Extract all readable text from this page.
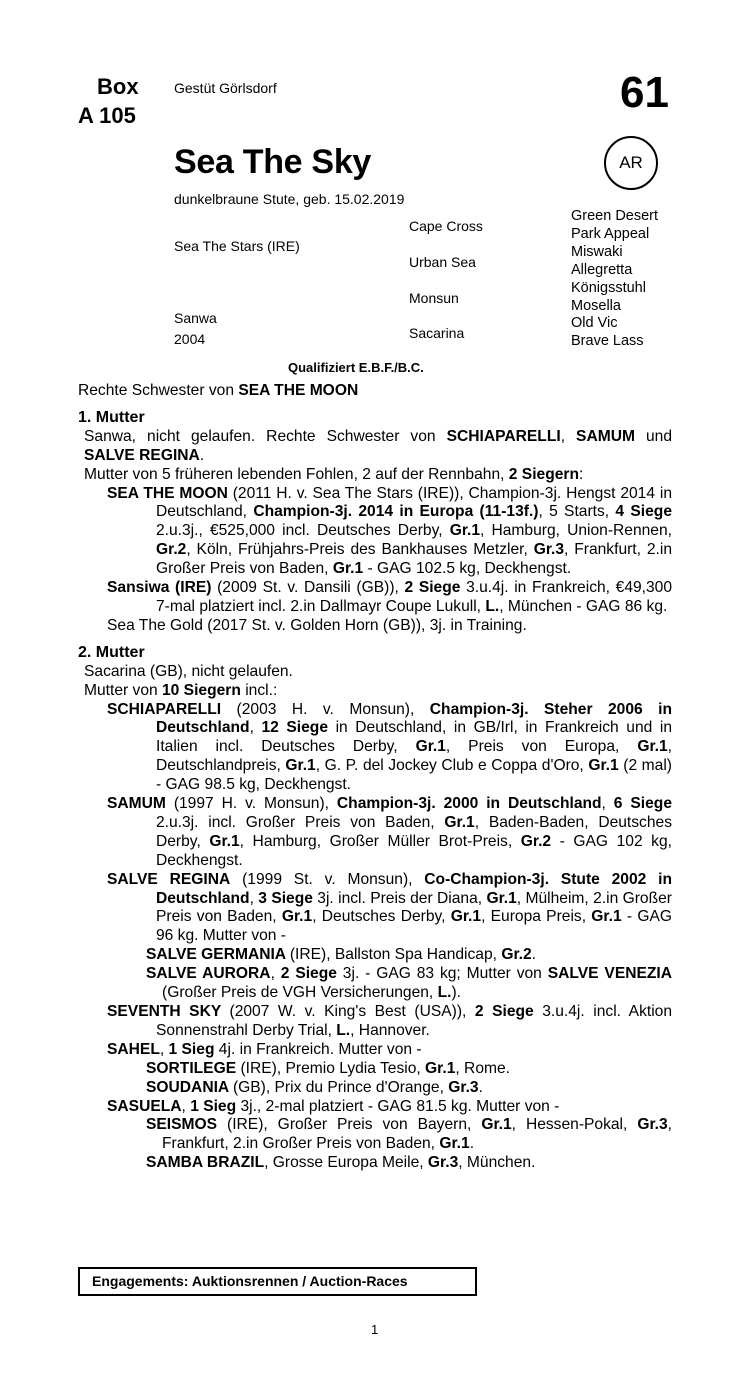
Box
A 105
Gestüt Görlsdorf	61
Sea The Sky	AR
dunkelbraune Stute, geb. 15.02.2019
Sea The Stars (IRE)
Sanwa
2004
Cape Cross
Urban Sea
Monsun
Sacarina
Green Desert
Park Appeal
Miswaki
Allegretta
Königsstuhl
Mosella
Old Vic
Brave Lass
Qualifiziert E.B.F./B.C.

Rechte Schwester von SEA THE MOON

1. Mutter

Sanwa, nicht gelaufen. Rechte Schwester von SCHIAPARELLI, SAMUM und SALVE REGINA.

Mutter von 5 früheren lebenden Fohlen, 2 auf der Rennbahn, 2 Siegern:

SEA THE MOON (2011 H. v. Sea The Stars (IRE)), Champion-3j. Hengst 2014 in Deutschland, Champion-3j. 2014 in Europa (11-13f.), 5 Starts, 4 Siege 2.u.3j., €525,000 incl. Deutsches Derby, Gr.1, Hamburg, Union-Rennen, Gr.2, Köln, Frühjahrs-Preis des Bankhauses Metzler, Gr.3, Frankfurt, 2.in Großer Preis von Baden, Gr.1 - GAG 102.5 kg, Deckhengst.

Sansiwa (IRE) (2009 St. v. Dansili (GB)), 2 Siege 3.u.4j. in Frankreich, €49,300 7-mal platziert incl. 2.in Dallmayr Coupe Lukull, L., München - GAG 86 kg.

Sea The Gold (2017 St. v. Golden Horn (GB)), 3j. in Training.

2. Mutter

Sacarina (GB), nicht gelaufen.

Mutter von 10 Siegern incl.:

SCHIAPARELLI (2003 H. v. Monsun), Champion-3j. Steher 2006 in Deutschland, 12 Siege in Deutschland, in GB/Irl, in Frankreich und in Italien incl. Deutsches Derby, Gr.1, Preis von Europa, Gr.1, Deutschlandpreis, Gr.1, G. P. del Jockey Club e Coppa d'Oro, Gr.1 (2 mal) - GAG 98.5 kg, Deckhengst.

SAMUM (1997 H. v. Monsun), Champion-3j. 2000 in Deutschland, 6 Siege 2.u.3j. incl. Großer Preis von Baden, Gr.1, Baden-Baden, Deutsches Derby, Gr.1, Hamburg, Großer Müller Brot-Preis, Gr.2 - GAG 102 kg, Deckhengst.

SALVE REGINA (1999 St. v. Monsun), Co-Champion-3j. Stute 2002 in Deutschland, 3 Siege 3j. incl. Preis der Diana, Gr.1, Mülheim, 2.in Großer Preis von Baden, Gr.1, Deutsches Derby, Gr.1, Europa Preis, Gr.1 - GAG 96 kg. Mutter von -

SALVE GERMANIA (IRE), Ballston Spa Handicap, Gr.2.

SALVE AURORA, 2 Siege 3j. - GAG 83 kg; Mutter von SALVE VENEZIA (Großer Preis de VGH Versicherungen, L.).

SEVENTH SKY (2007 W. v. King's Best (USA)), 2 Siege 3.u.4j. incl. Aktion Sonnenstrahl Derby Trial, L., Hannover.

SAHEL, 1 Sieg 4j. in Frankreich. Mutter von -

SORTILEGE (IRE), Premio Lydia Tesio, Gr.1, Rome.

SOUDANIA (GB), Prix du Prince d'Orange, Gr.3.

SASUELA, 1 Sieg 3j., 2-mal platziert - GAG 81.5 kg. Mutter von -

SEISMOS (IRE), Großer Preis von Bayern, Gr.1, Hessen-Pokal, Gr.3, Frankfurt, 2.in Großer Preis von Baden, Gr.1.

SAMBA BRAZIL, Grosse Europa Meile, Gr.3, München.

Engagements: Auktionsrennen / Auction-Races
1
